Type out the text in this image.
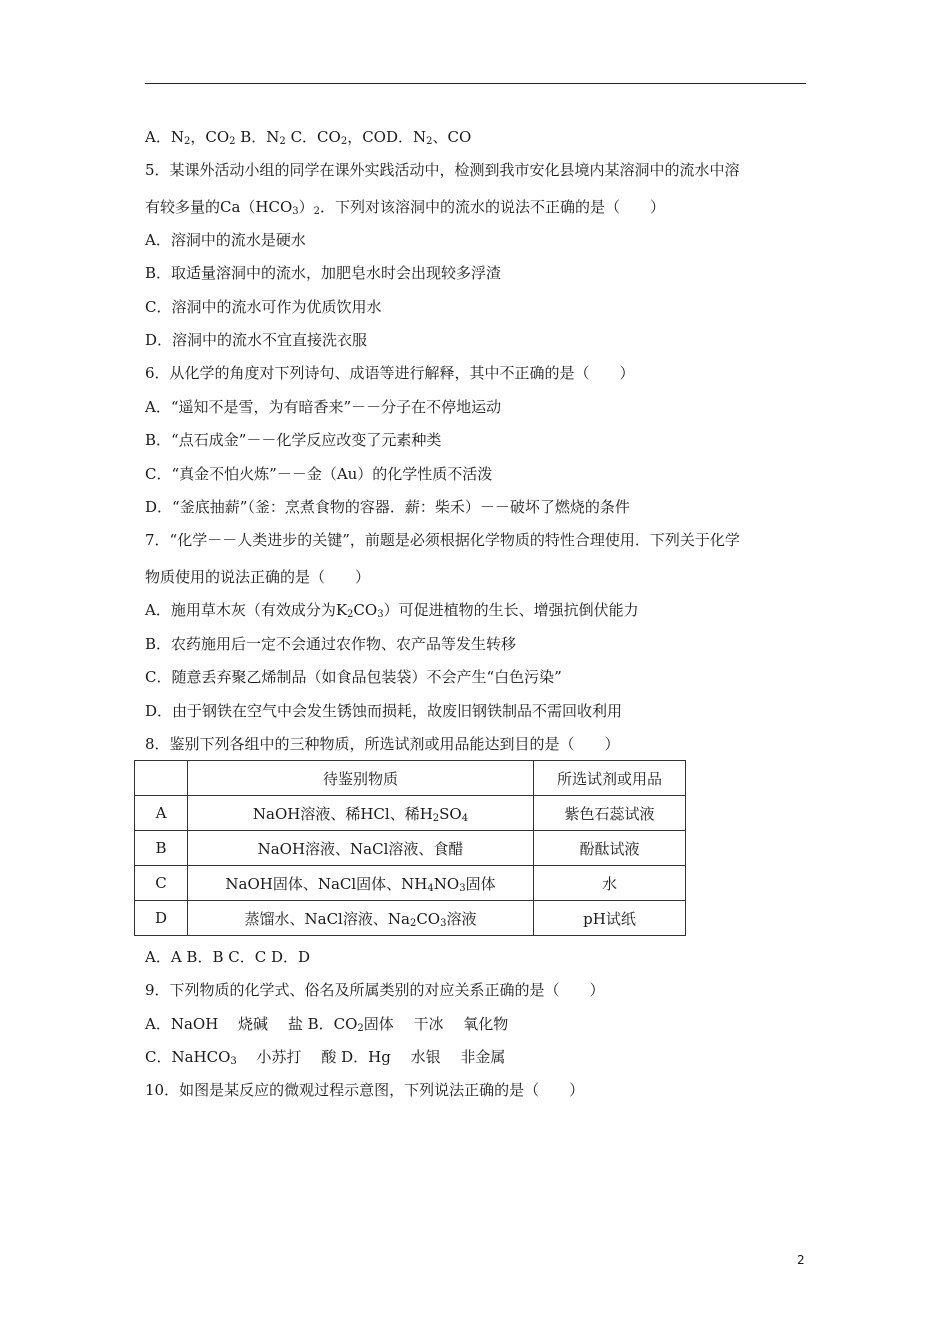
A．$N_2$，$CO_2$ B．$N_2$ C．$CO_2$，COD．$N_2$、CO
5．某课外活动小组的同学在课外实践活动中，检测到我市安化县境内某溶洞中的流水中溶
有较多量的$Ca(HCO_3)_2$．下列对该溶洞中的流水的说法不正确的是（　　）
A．溶洞中的流水是硬水
B．取适量溶洞中的流水，加肥皂水时会出现较多浮渣
C．溶洞中的流水可作为优质饮用水
D．溶洞中的流水不宜直接洗衣服
6．从化学的角度对下列诗句、成语等进行解释，其中不正确的是（　　）
A．“遥知不是雪，为有暗香来”－－分子在不停地运动
B．“点石成金”－－化学反应改变了元素种类
C．“真金不怕火炼”－－金（Au）的化学性质不活泼
D．“釜底抽薪”（釜：烹煮食物的容器．薪：柴禾）－－破坏了燃烧的条件
7．“化学－－人类进步的关键”，前题是必须根据化学物质的特性合理使用．下列关于化学
物质使用的说法正确的是（　　）
A．施用草木灰（有效成分为$K_2CO_3$）可促进植物的生长、增强抗倒伏能力
B．农药施用后一定不会通过农作物、农产品等发生转移
C．随意丢弃聚乙烯制品（如食品包装袋）不会产生“白色污染”
D．由于钢铁在空气中会发生锈蚀而损耗，故废旧钢铁制品不需回收利用
8．鉴别下列各组中的三种物质，所选试剂或用品能达到目的是（　　）
	待鉴别物质	所选试剂或用品
A	NaOH溶液、稀HCl、稀$H_2SO_4$	紫色石蕊试液
B	NaOH溶液、NaCl溶液、食醋	酚酞试液
C	NaOH固体、NaCl固体、$NH_4NO_3$固体	水
D	蒸馏水、NaCl溶液、$Na_2CO_3$溶液	pH试纸
A．A B．B C．C D．D
9．下列物质的化学式、俗名及所属类别的对应关系正确的是（　　）
A．NaOH　 烧碱　 盐 B．$CO_2$固体　 干冰　 氧化物
C．NaHCO$_3$　 小苏打　 酸 D．Hg　 水银　 非金属
10．如图是某反应的微观过程示意图，下列说法正确的是（　　）
2
